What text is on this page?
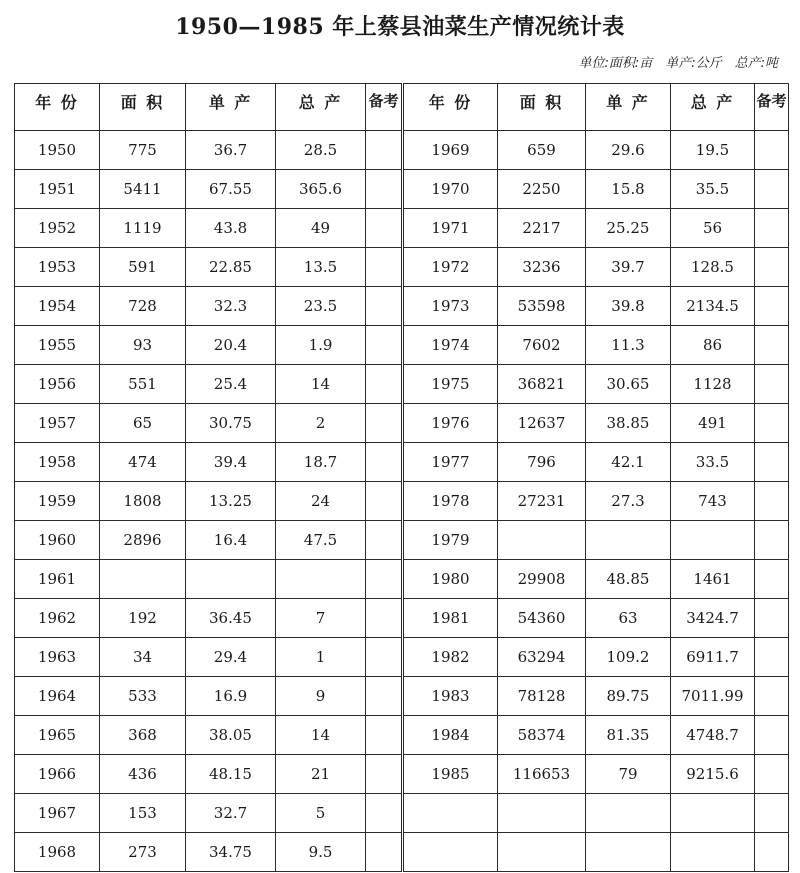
1950—1985 年上蔡县油菜生产情况统计表
单位:面积:亩　单产:公斤　总产:吨
年 份	面 积	单 产	总 产	备考	年 份	面 积	单 产	总 产	备考
1950	775	36.7	28.5		1969	659	29.6	19.5	
1951	5411	67.55	365.6		1970	2250	15.8	35.5	
1952	1119	43.8	49		1971	2217	25.25	56	
1953	591	22.85	13.5		1972	3236	39.7	128.5	
1954	728	32.3	23.5		1973	53598	39.8	2134.5	
1955	93	20.4	1.9		1974	7602	11.3	86	
1956	551	25.4	14		1975	36821	30.65	1128	
1957	65	30.75	2		1976	12637	38.85	491	
1958	474	39.4	18.7		1977	796	42.1	33.5	
1959	1808	13.25	24		1978	27231	27.3	743	
1960	2896	16.4	47.5		1979				
1961					1980	29908	48.85	1461	
1962	192	36.45	7		1981	54360	63	3424.7	
1963	34	29.4	1		1982	63294	109.2	6911.7	
1964	533	16.9	9		1983	78128	89.75	7011.99	
1965	368	38.05	14		1984	58374	81.35	4748.7	
1966	436	48.15	21		1985	116653	79	9215.6	
1967	153	32.7	5						
1968	273	34.75	9.5						
